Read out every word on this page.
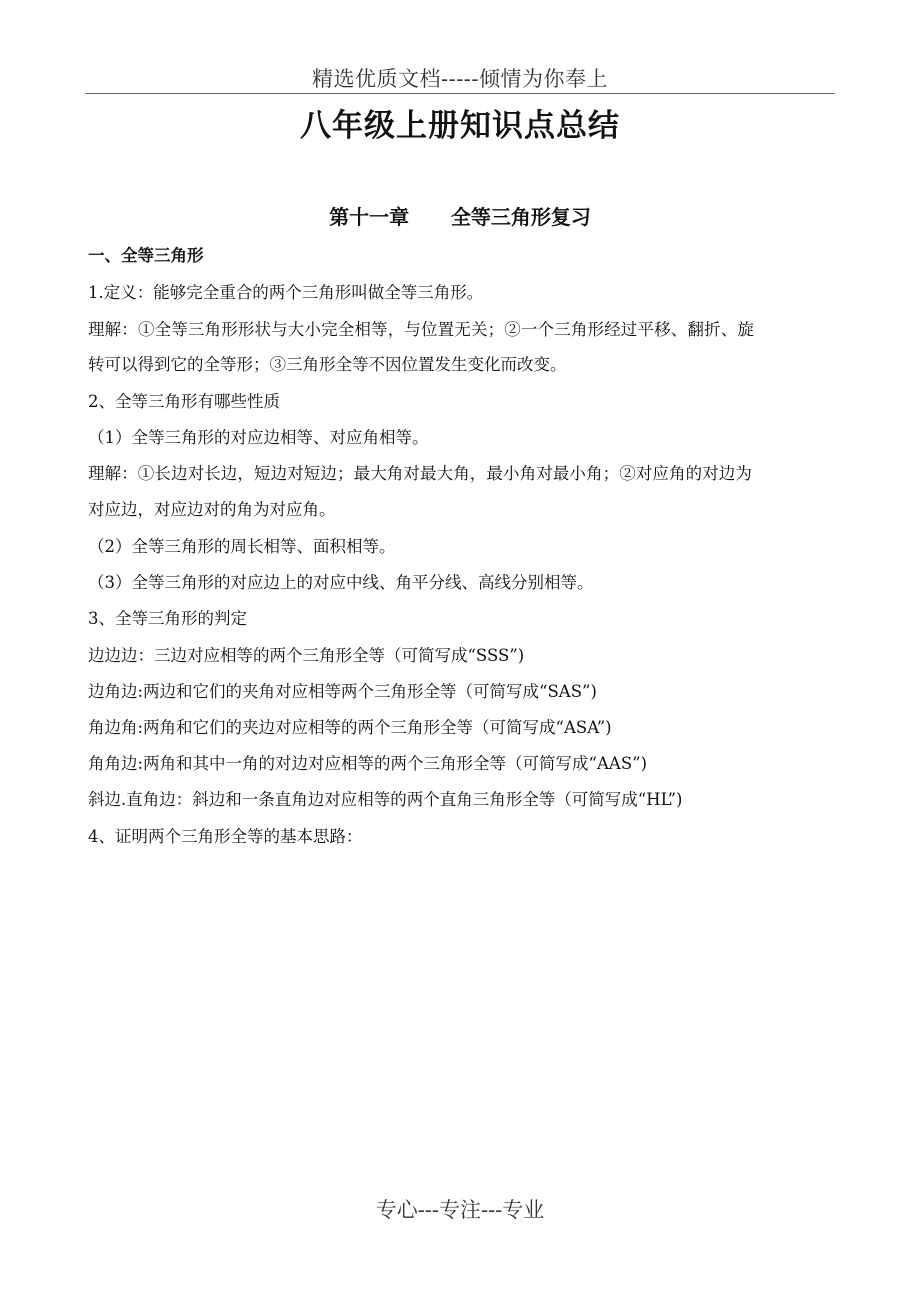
精选优质文档-----倾情为你奉上
八年级上册知识点总结
第十一章      全等三角形复习
一、全等三角形
1.定义：能够完全重合的两个三角形叫做全等三角形。
理解：①全等三角形形状与大小完全相等，与位置无关；②一个三角形经过平移、翻折、旋
转可以得到它的全等形；③三角形全等不因位置发生变化而改变。
2、全等三角形有哪些性质
（1）全等三角形的对应边相等、对应角相等。
理解：①长边对长边，短边对短边；最大角对最大角，最小角对最小角；②对应角的对边为
对应边，对应边对的角为对应角。
（2）全等三角形的周长相等、面积相等。
（3）全等三角形的对应边上的对应中线、角平分线、高线分别相等。
3、全等三角形的判定
边边边：三边对应相等的两个三角形全等（可简写成“SSS”)
边角边:两边和它们的夹角对应相等两个三角形全等（可简写成“SAS”)
角边角:两角和它们的夹边对应相等的两个三角形全等（可简写成“ASA”)
角角边:两角和其中一角的对边对应相等的两个三角形全等（可简写成“AAS”)
斜边.直角边：斜边和一条直角边对应相等的两个直角三角形全等（可简写成“HL”)
4、证明两个三角形全等的基本思路：
专心---专注---专业
